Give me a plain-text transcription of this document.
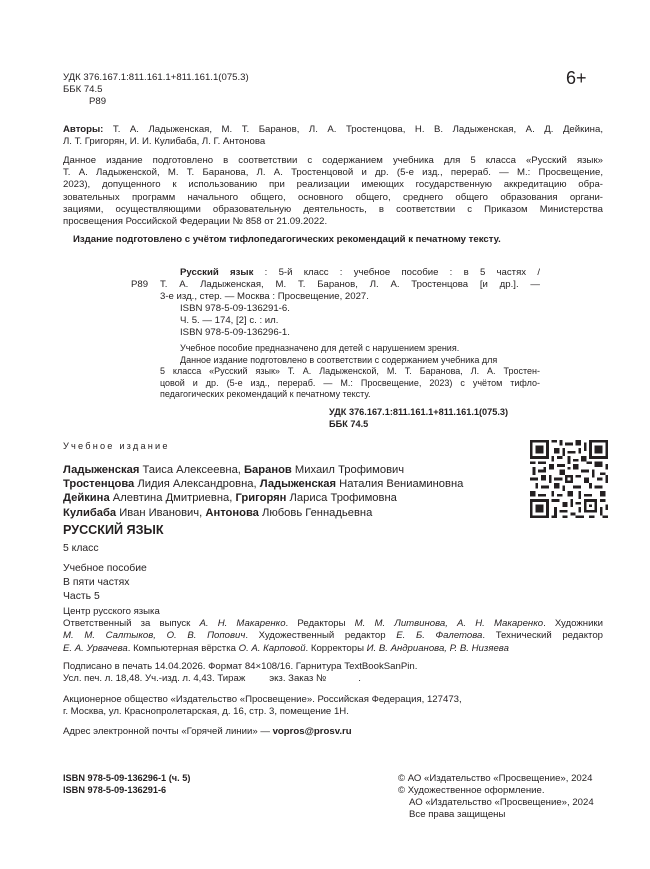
УДК 376.167.1:811.161.1+811.161.1(075.3)
ББК 74.5
Р89
6+

Авторы: Т. А. Ладыженская, М. Т. Баранов, Л. А. Тростенцова, Н. В. Ладыженская, А. Д. Дейкина,

Л. Т. Григорян, И. И. Кулибаба, Л. Г. Антонова

Данное издание подготовлено в соответствии с содержанием учебника для 5 класса «Русский язык»

Т. А. Ладыженской, М. Т. Баранова, Л. А. Тростенцовой и др. (5-е изд., перераб. — М.: Просвещение,

2023), допущенного к использованию при реализации имеющих государственную аккредитацию обра-

зовательных программ начального общего, основного общего, среднего общего образования органи-

зациями, осуществляющими образовательную деятельность, в соответствии с Приказом Министерства

просвещения Российской Федерации № 858 от 21.09.2022.

Издание подготовлено с учётом тифлопедагогических рекомендаций к печатному тексту.
Р89

Русский язык : 5-й класс : учебное пособие : в 5 частях /

Т. А. Ладыженская, М. Т. Баранов, Л. А. Тростенцова [и др.]. —

3-е изд., стер. — Москва : Просвещение, 2027.
ISBN 978-5-09-136291-6.
Ч. 5. — 174, [2] с. : ил.
ISBN 978-5-09-136296-1.

Учебное пособие предназначено для детей с нарушением зрения.

Данное издание подготовлено в соответствии с содержанием учебника для

5 класса «Русский язык» Т. А. Ладыженской, М. Т. Баранова, Л. А. Тростен-

цовой и др. (5-е изд., перераб. — М.: Просвещение, 2023) с учётом тифло-

педагогических рекомендаций к печатному тексту.

УДК 376.167.1:811.161.1+811.161.1(075.3)
ББК 74.5
Учебное издание
Ладыженская Таиса Алексеевна, Баранов Михаил Трофимович
Тростенцова Лидия Александровна, Ладыженская Наталия Вениаминовна
Дейкина Алевтина Дмитриевна, Григорян Лариса Трофимовна
Кулибаба Иван Иванович, Антонова Любовь Геннадьевна
РУССКИЙ ЯЗЫК
5 класс
Учебное пособие
В пяти частях
Часть 5

Центр русского языка

Ответственный за выпуск А. Н. Макаренко. Редакторы М. М. Литвинова, А. Н. Макаренко. Художники

М. М. Салтыков, О. В. Попович. Художественный редактор Е. Б. Фалетова. Технический редактор

Е. А. Урвачева. Компьютерная вёрстка О. А. Карповой. Корректоры И. В. Андрианова, Р. В. Низяева

Подписано в печать 14.04.2026. Формат 84×108/16. Гарнитура TextBookSanPin.
Усл. печ. л. 18,48. Уч.-изд. л. 4,43. Тираж         экз. Заказ №            .
Акционерное общество «Издательство «Просвещение». Российская Федерация, 127473,
г. Москва, ул. Краснопролетарская, д. 16, стр. 3, помещение 1Н.
Адрес электронной почты «Горячей линии» — vopros@prosv.ru
ISBN 978-5-09-136296-1 (ч. 5)
ISBN 978-5-09-136291-6
© АО «Издательство «Просвещение», 2024
© Художественное оформление.
АО «Издательство «Просвещение», 2024
Все права защищены
